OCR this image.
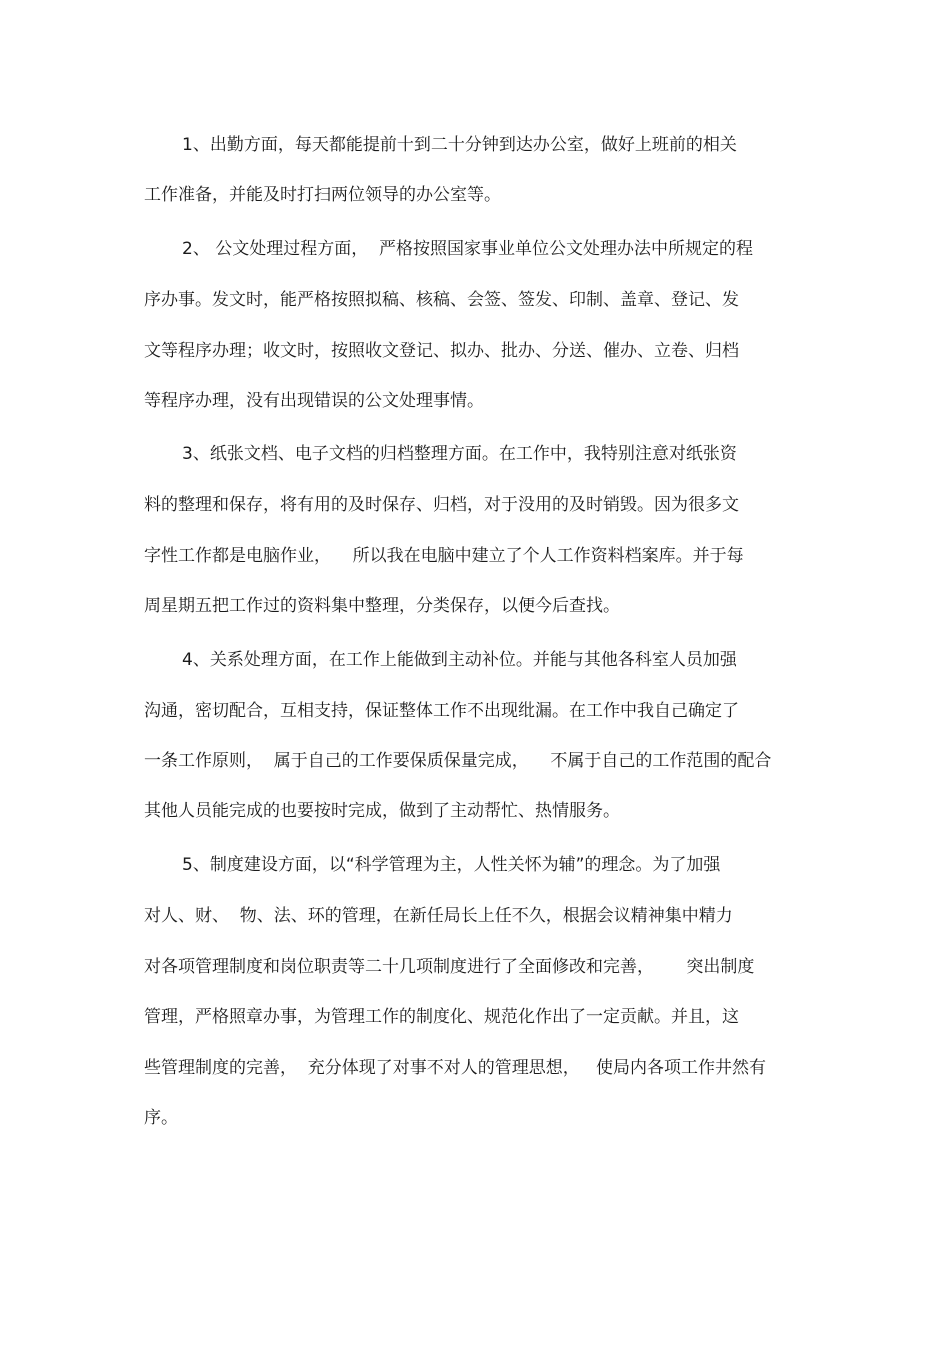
1、出勤方面，每天都能提前十到二十分钟到达办公室，做好上班前的相关
工作准备，并能及时打扫两位领导的办公室等。
2、 公文处理过程方面，  严格按照国家事业单位公文处理办法中所规定的程
序办事。发文时，能严格按照拟稿、核稿、会签、签发、印制、盖章、登记、发
文等程序办理；收文时，按照收文登记、拟办、批办、分送、催办、立卷、归档
等程序办理，没有出现错误的公文处理事情。
3、纸张文档、电子文档的归档整理方面。在工作中，我特别注意对纸张资
料的整理和保存，将有用的及时保存、归档，对于没用的及时销毁。因为很多文
字性工作都是电脑作业，    所以我在电脑中建立了个人工作资料档案库。并于每
周星期五把工作过的资料集中整理，分类保存，以便今后查找。
4、关系处理方面，在工作上能做到主动补位。并能与其他各科室人员加强
沟通，密切配合，互相支持，保证整体工作不出现纰漏。在工作中我自己确定了
一条工作原则，  属于自己的工作要保质保量完成，    不属于自己的工作范围的配合
其他人员能完成的也要按时完成，做到了主动帮忙、热情服务。
5、制度建设方面，以“科学管理为主，人性关怀为辅”的理念。为了加强
对人、财、  物、法、环的管理，在新任局长上任不久，根据会议精神集中精力
对各项管理制度和岗位职责等二十几项制度进行了全面修改和完善，      突出制度
管理，严格照章办事，为管理工作的制度化、规范化作出了一定贡献。并且，这
些管理制度的完善，  充分体现了对事不对人的管理思想，   使局内各项工作井然有
序。
